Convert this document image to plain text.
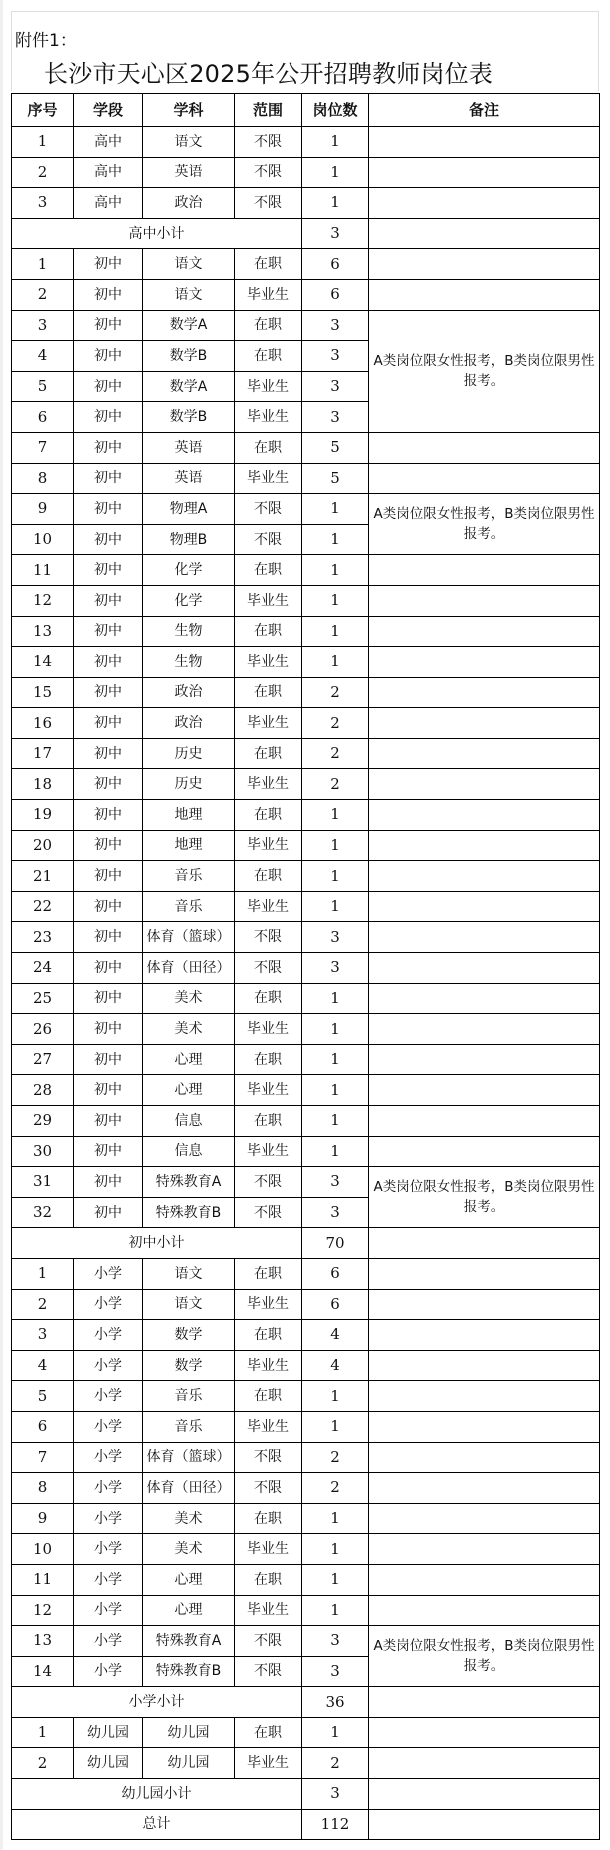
附件1：
长沙市天心区2025年公开招聘教师岗位表
序号	学段	学科	范围	岗位数	备注
1	高中	语文	不限	1	
2	高中	英语	不限	1	
3	高中	政治	不限	1	
高中小计				3	
1	初中	语文	在职	6	
2	初中	语文	毕业生	6	
3	初中	数学A	在职	3	A类岗位限女性报考，B类岗位限男性报考。
4	初中	数学B	在职	3	
5	初中	数学A	毕业生	3	
6	初中	数学B	毕业生	3	
7	初中	英语	在职	5	
8	初中	英语	毕业生	5	
9	初中	物理A	不限	1	A类岗位限女性报考，B类岗位限男性报考。
10	初中	物理B	不限	1	
11	初中	化学	在职	1	
12	初中	化学	毕业生	1	
13	初中	生物	在职	1	
14	初中	生物	毕业生	1	
15	初中	政治	在职	2	
16	初中	政治	毕业生	2	
17	初中	历史	在职	2	
18	初中	历史	毕业生	2	
19	初中	地理	在职	1	
20	初中	地理	毕业生	1	
21	初中	音乐	在职	1	
22	初中	音乐	毕业生	1	
23	初中	体育（篮球）	不限	3	
24	初中	体育（田径）	不限	3	
25	初中	美术	在职	1	
26	初中	美术	毕业生	1	
27	初中	心理	在职	1	
28	初中	心理	毕业生	1	
29	初中	信息	在职	1	
30	初中	信息	毕业生	1	
31	初中	特殊教育A	不限	3	A类岗位限女性报考，B类岗位限男性报考。
32	初中	特殊教育B	不限	3	
初中小计				70	
1	小学	语文	在职	6	
2	小学	语文	毕业生	6	
3	小学	数学	在职	4	
4	小学	数学	毕业生	4	
5	小学	音乐	在职	1	
6	小学	音乐	毕业生	1	
7	小学	体育（篮球）	不限	2	
8	小学	体育（田径）	不限	2	
9	小学	美术	在职	1	
10	小学	美术	毕业生	1	
11	小学	心理	在职	1	
12	小学	心理	毕业生	1	
13	小学	特殊教育A	不限	3	A类岗位限女性报考，B类岗位限男性报考。
14	小学	特殊教育B	不限	3	
小学小计				36	
1	幼儿园	幼儿园	在职	1	
2	幼儿园	幼儿园	毕业生	2	
幼儿园小计				3	
总计				112	
